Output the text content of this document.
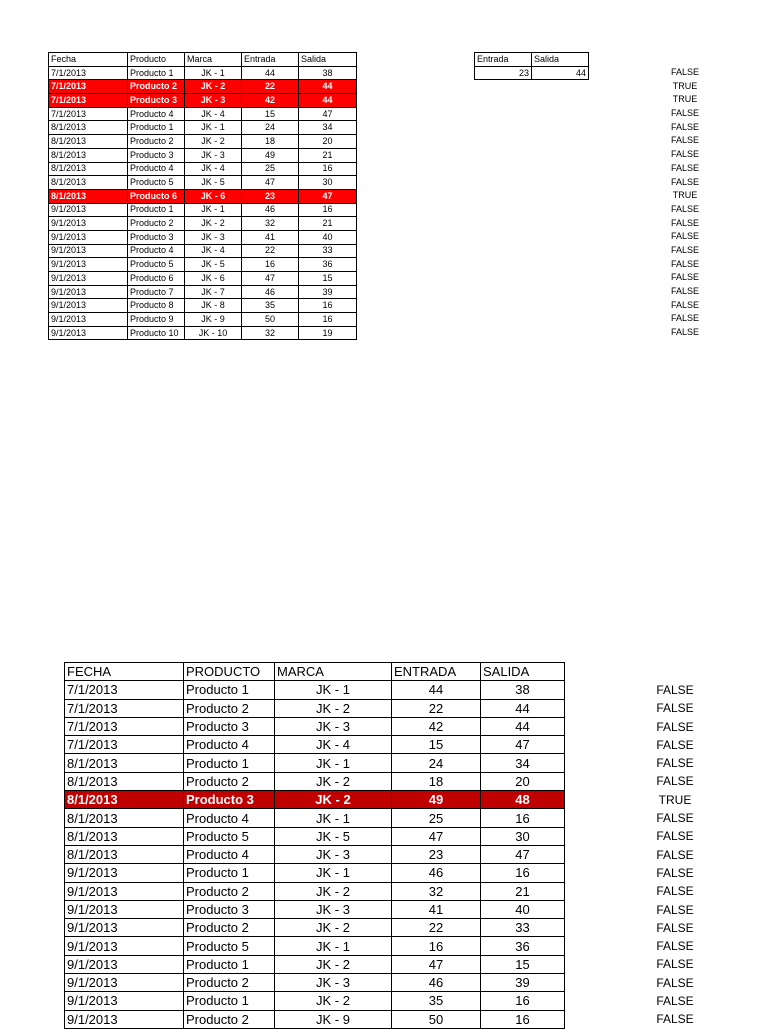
Fecha	Producto	Marca	Entrada	Salida
7/1/2013	Producto 1	JK - 1	44	38
7/1/2013	Producto 2	JK - 2	22	44
7/1/2013	Producto 3	JK - 3	42	44
7/1/2013	Producto 4	JK - 4	15	47
8/1/2013	Producto 1	JK - 1	24	34
8/1/2013	Producto 2	JK - 2	18	20
8/1/2013	Producto 3	JK - 3	49	21
8/1/2013	Producto 4	JK - 4	25	16
8/1/2013	Producto 5	JK - 5	47	30
8/1/2013	Producto 6	JK - 6	23	47
9/1/2013	Producto 1	JK - 1	46	16
9/1/2013	Producto 2	JK - 2	32	21
9/1/2013	Producto 3	JK - 3	41	40
9/1/2013	Producto 4	JK - 4	22	33
9/1/2013	Producto 5	JK - 5	16	36
9/1/2013	Producto 6	JK - 6	47	15
9/1/2013	Producto 7	JK - 7	46	39
9/1/2013	Producto 8	JK - 8	35	16
9/1/2013	Producto 9	JK - 9	50	16
9/1/2013	Producto 10	JK - 10	32	19
Entrada	Salida
23	44	FALSE
TRUE
TRUE
FALSE
FALSE
FALSE
FALSE
FALSE
FALSE
TRUE
FALSE
FALSE
FALSE
FALSE
FALSE
FALSE
FALSE
FALSE
FALSE
FALSE
FECHA	PRODUCTO	MARCA	ENTRADA	SALIDA
7/1/2013	Producto 1	JK - 1	44	38
7/1/2013	Producto 2	JK - 2	22	44
7/1/2013	Producto 3	JK - 3	42	44
7/1/2013	Producto 4	JK - 4	15	47
8/1/2013	Producto 1	JK - 1	24	34
8/1/2013	Producto 2	JK - 2	18	20
8/1/2013	Producto 3	JK - 2	49	48
8/1/2013	Producto 4	JK - 1	25	16
8/1/2013	Producto 5	JK - 5	47	30
8/1/2013	Producto 4	JK - 3	23	47
9/1/2013	Producto 1	JK - 1	46	16
9/1/2013	Producto 2	JK - 2	32	21
9/1/2013	Producto 3	JK - 3	41	40
9/1/2013	Producto 2	JK - 2	22	33
9/1/2013	Producto 5	JK - 1	16	36
9/1/2013	Producto 1	JK - 2	47	15
9/1/2013	Producto 2	JK - 3	46	39
9/1/2013	Producto 1	JK - 2	35	16
9/1/2013	Producto 2	JK - 9	50	16
FALSE
FALSE
FALSE
FALSE
FALSE
FALSE
TRUE
FALSE
FALSE
FALSE
FALSE
FALSE
FALSE
FALSE
FALSE
FALSE
FALSE
FALSE
FALSE
